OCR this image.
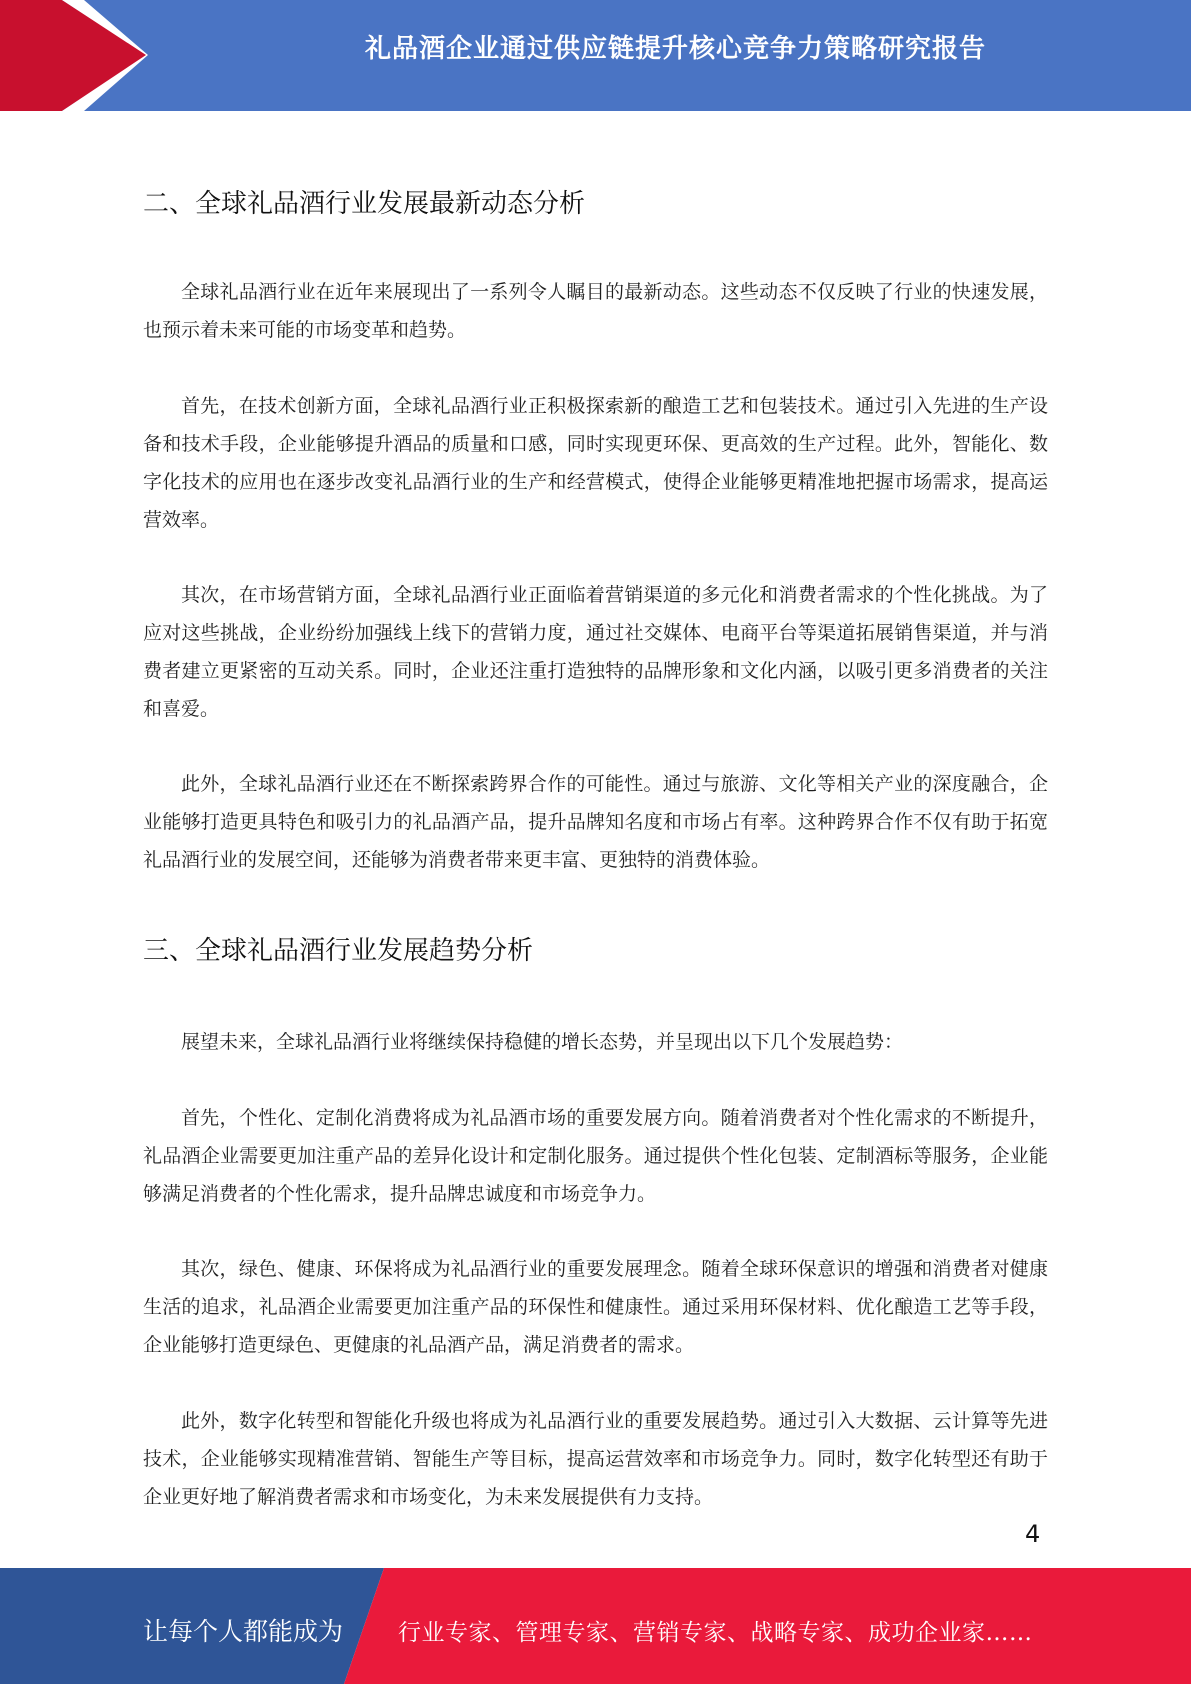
礼品酒企业通过供应链提升核心竞争力策略研究报告
二、全球礼品酒行业发展最新动态分析

全球礼品酒行业在近年来展现出了一系列令人瞩目的最新动态。这些动态不仅反映了行业的快速发展，也预示着未来可能的市场变革和趋势。

首先，在技术创新方面，全球礼品酒行业正积极探索新的酿造工艺和包装技术。通过引入先进的生产设备和技术手段，企业能够提升酒品的质量和口感，同时实现更环保、更高效的生产过程。此外，智能化、数字化技术的应用也在逐步改变礼品酒行业的生产和经营模式，使得企业能够更精准地把握市场需求，提高运营效率。

其次，在市场营销方面，全球礼品酒行业正面临着营销渠道的多元化和消费者需求的个性化挑战。为了应对这些挑战，企业纷纷加强线上线下的营销力度，通过社交媒体、电商平台等渠道拓展销售渠道，并与消费者建立更紧密的互动关系。同时，企业还注重打造独特的品牌形象和文化内涵，以吸引更多消费者的关注和喜爱。

此外，全球礼品酒行业还在不断探索跨界合作的可能性。通过与旅游、文化等相关产业的深度融合，企业能够打造更具特色和吸引力的礼品酒产品，提升品牌知名度和市场占有率。这种跨界合作不仅有助于拓宽礼品酒行业的发展空间，还能够为消费者带来更丰富、更独特的消费体验。

三、全球礼品酒行业发展趋势分析

展望未来，全球礼品酒行业将继续保持稳健的增长态势，并呈现出以下几个发展趋势：

首先，个性化、定制化消费将成为礼品酒市场的重要发展方向。随着消费者对个性化需求的不断提升，礼品酒企业需要更加注重产品的差异化设计和定制化服务。通过提供个性化包装、定制酒标等服务，企业能够满足消费者的个性化需求，提升品牌忠诚度和市场竞争力。

其次，绿色、健康、环保将成为礼品酒行业的重要发展理念。随着全球环保意识的增强和消费者对健康生活的追求，礼品酒企业需要更加注重产品的环保性和健康性。通过采用环保材料、优化酿造工艺等手段，企业能够打造更绿色、更健康的礼品酒产品，满足消费者的需求。

此外，数字化转型和智能化升级也将成为礼品酒行业的重要发展趋势。通过引入大数据、云计算等先进技术，企业能够实现精准营销、智能生产等目标，提高运营效率和市场竞争力。同时，数字化转型还有助于企业更好地了解消费者需求和市场变化，为未来发展提供有力支持。

4
让每个人都能成为 行业专家、管理专家、营销专家、战略专家、成功企业家……
